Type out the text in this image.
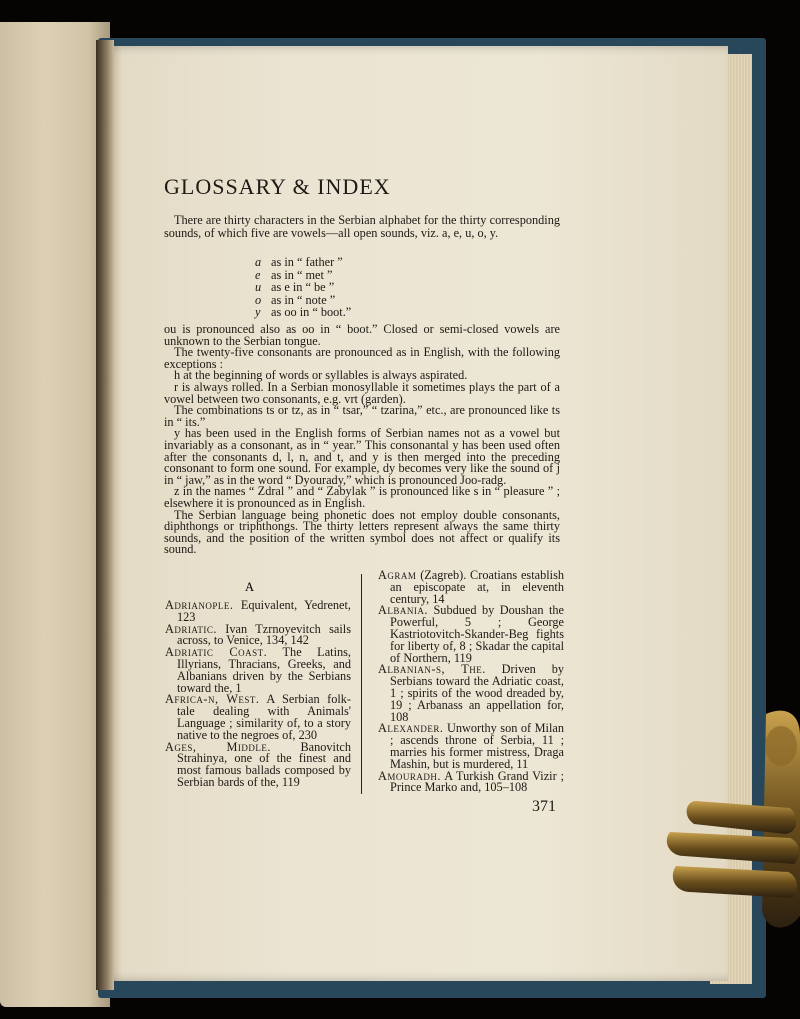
GLOSSARY & INDEX

There are thirty characters in the Serbian alphabet for the thirty corresponding sounds, of which five are vowels—all open sounds, viz. a, e, u, o, y.

a as in “ father ”
e as in “ met ”
u as e in “ be ”
o as in “ note ”
y as oo in “ boot.”

ou is pronounced also as oo in “ boot.” Closed or semi-closed vowels are unknown to the Serbian tongue.

The twenty-five consonants are pronounced as in English, with the following exceptions :

h at the beginning of words or syllables is always aspirated.

r is always rolled. In a Serbian monosyllable it sometimes plays the part of a vowel between two consonants, e.g. vrt (garden).

The combinations ts or tz, as in “ tsar,” “ tzarina,” etc., are pronounced like ts in “ its.”

y has been used in the English forms of Serbian names not as a vowel but invariably as a consonant, as in “ year.” This consonantal y has been used often after the consonants d, l, n, and t, and y is then merged into the preceding consonant to form one sound. For example, dy becomes very like the sound of j in “ jaw,” as in the word “ Dyourady,” which is pronounced Joo-radg.

z in the names “ Zdral ” and “ Zabylak ” is pronounced like s in “ pleasure ” ; elsewhere it is pronounced as in English.

The Serbian language being phonetic does not employ double consonants, diphthongs or triphthongs. The thirty letters represent always the same thirty sounds, and the position of the written symbol does not affect or qualify its sound.

A

Adrianople. Equivalent, Yedrenet, 123

Adriatic. Ivan Tzrnoyevitch sails across, to Venice, 134, 142

Adriatic Coast. The Latins, Illyrians, Thracians, Greeks, and Albanians driven by the Serbians toward the, 1

Africa-n, West. A Serbian folk-tale dealing with Animals' Language ; similarity of, to a story native to the negroes of, 230

Ages, Middle. Banovitch Strahinya, one of the finest and most famous ballads composed by Serbian bards of the, 119

Agram (Zagreb). Croatians establish an episcopate at, in eleventh century, 14

Albania. Subdued by Doushan the Powerful, 5 ; George Kastriotovitch-Skander-Beg fights for liberty of, 8 ; Skadar the capital of Northern, 119

Albanian-s, The. Driven by Serbians toward the Adriatic coast, 1 ; spirits of the wood dreaded by, 19 ; Arbanass an appellation for, 108

Alexander. Unworthy son of Milan ; ascends throne of Serbia, 11 ; marries his former mistress, Draga Mashin, but is murdered, 11

Amouradh. A Turkish Grand Vizir ; Prince Marko and, 105–108

371
